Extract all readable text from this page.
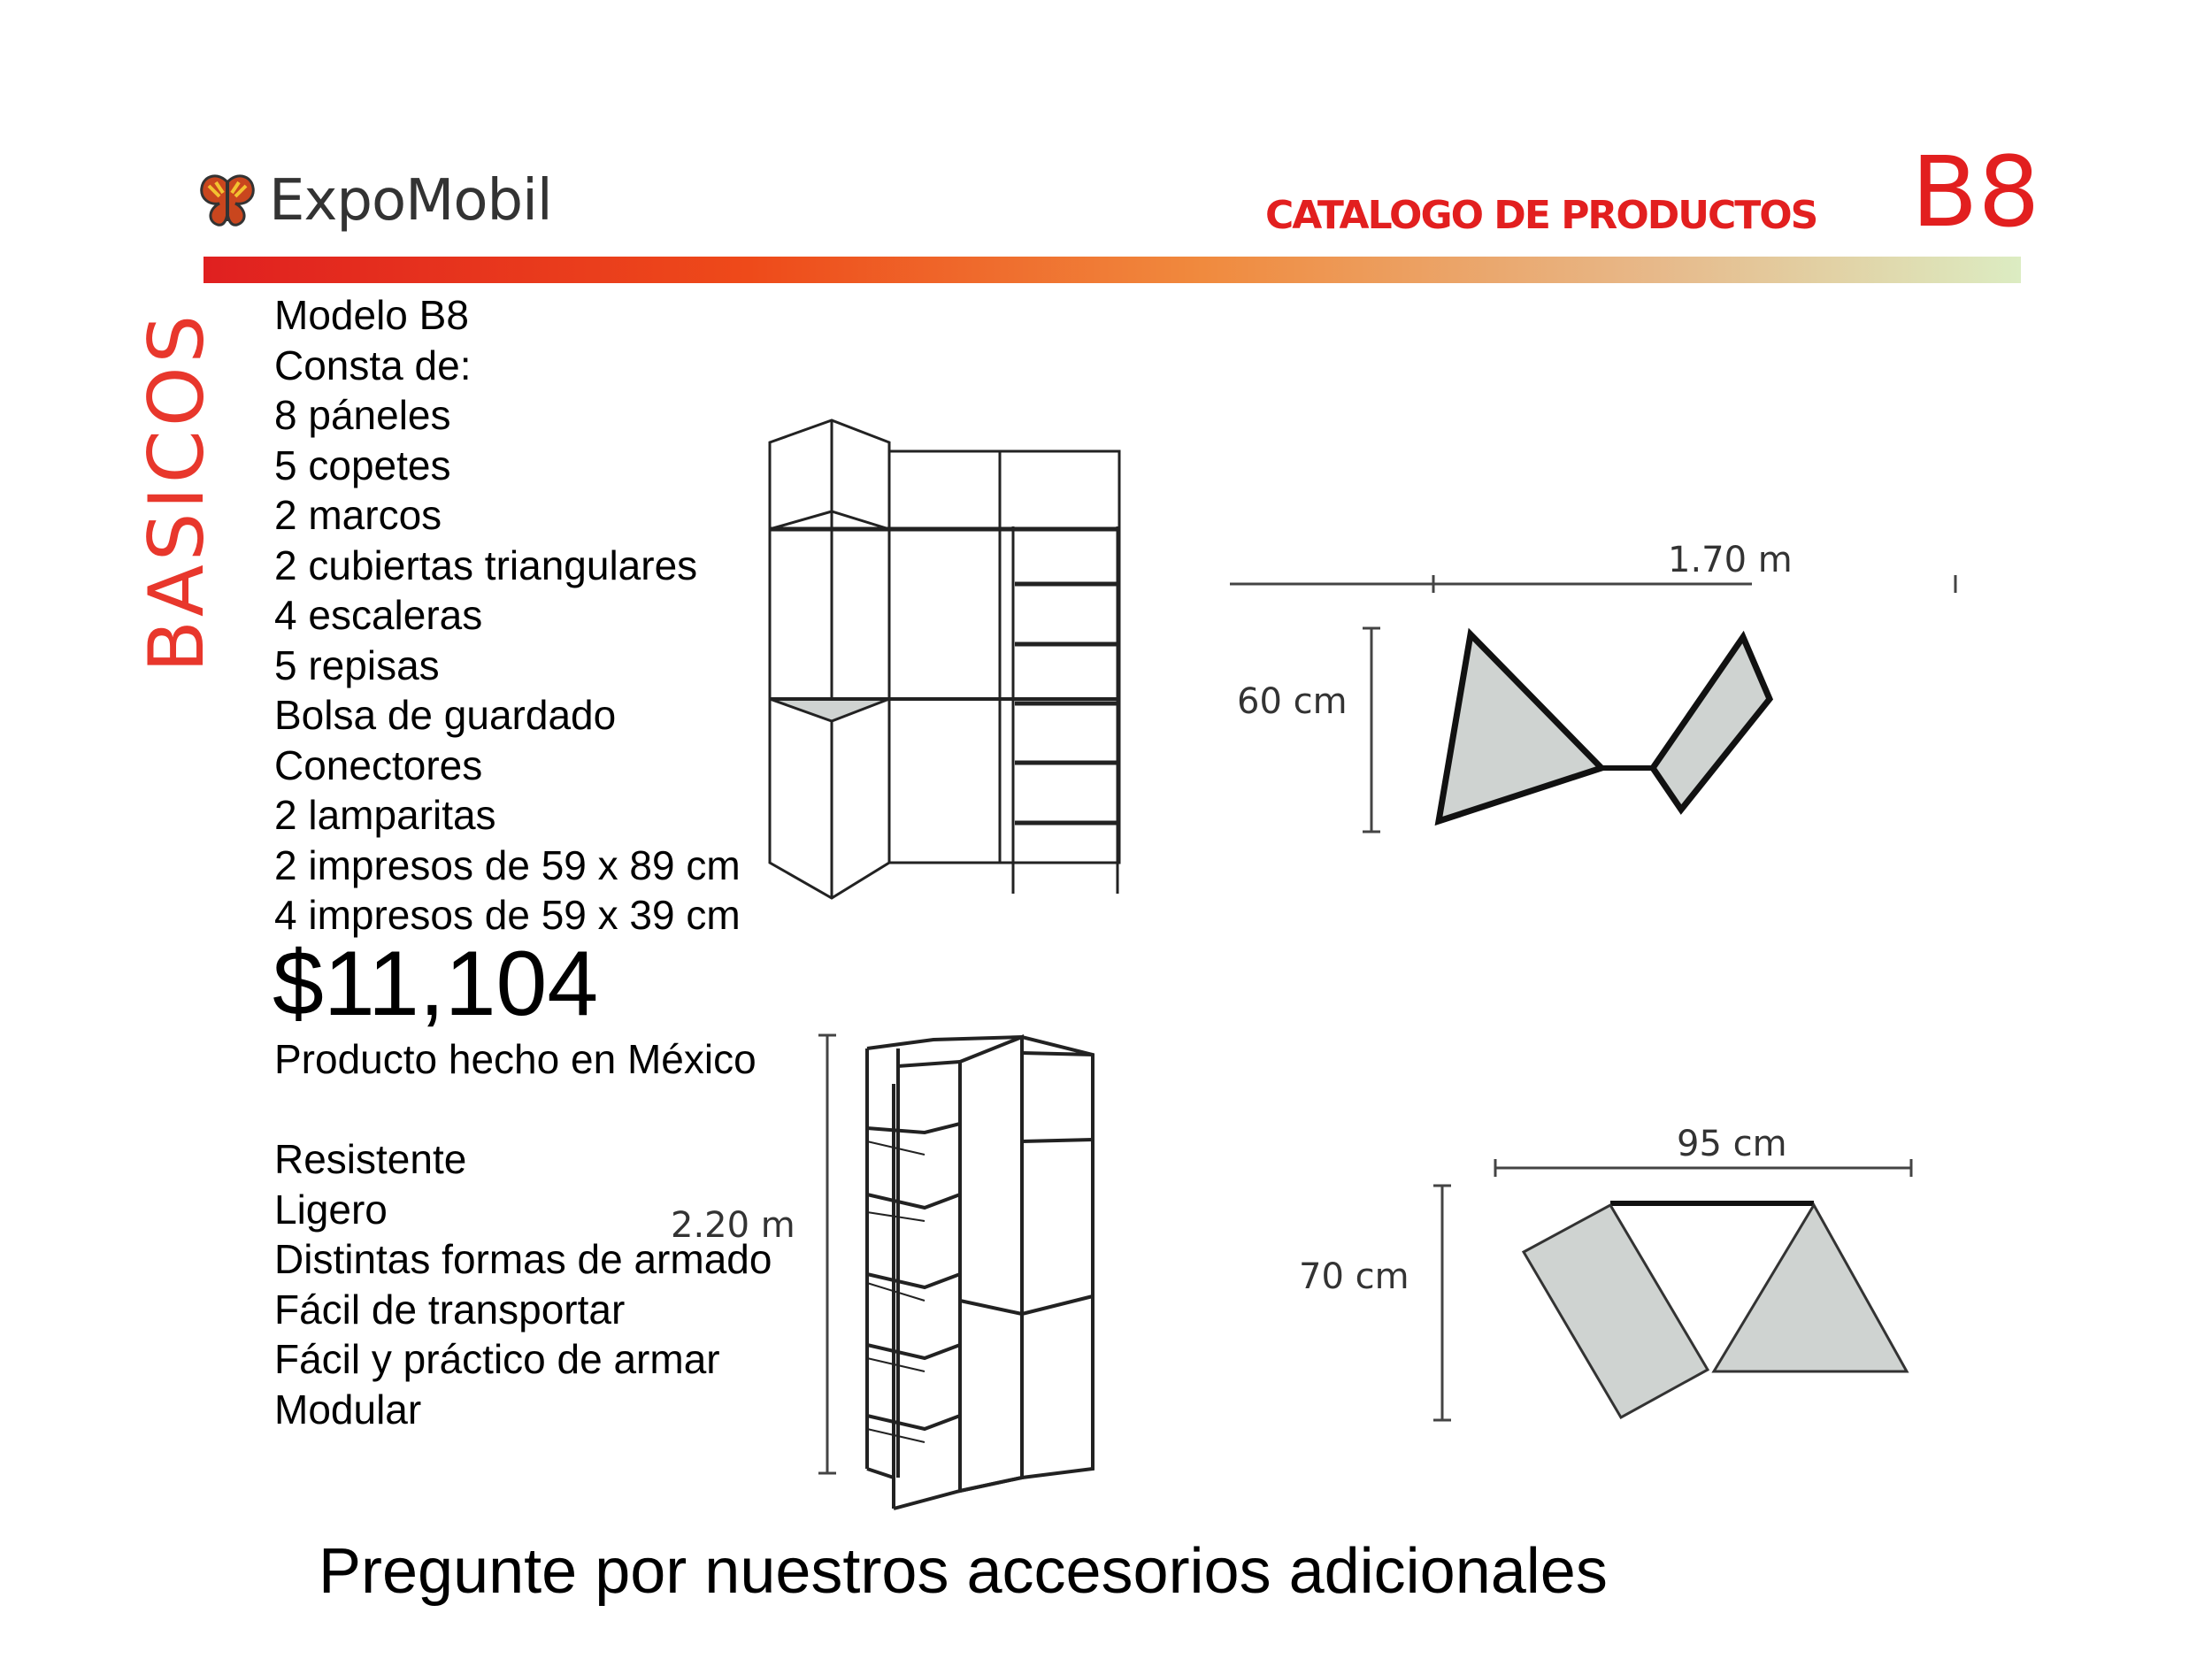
ExpoMobil	CATALOGO DE PRODUCTOS B8
BASICOS Modelo B8
Consta de:
8 páneles
5 copetes
2 marcos
2 cubiertas triangulares
4 escaleras
5 repisas
Bolsa de guardado
Conectores
2 lamparitas
2 impresos de 59 x 89 cm
4 impresos de 59 x 39 cm
$11,104
Producto hecho en México
Resistente
Ligero
Distintas formas de armado
Fácil de transportar
Fácil y práctico de armar
Modular
2.20 m
1.70 m
60 cm
95 cm
70 cm
Pregunte por nuestros accesorios adicionales
